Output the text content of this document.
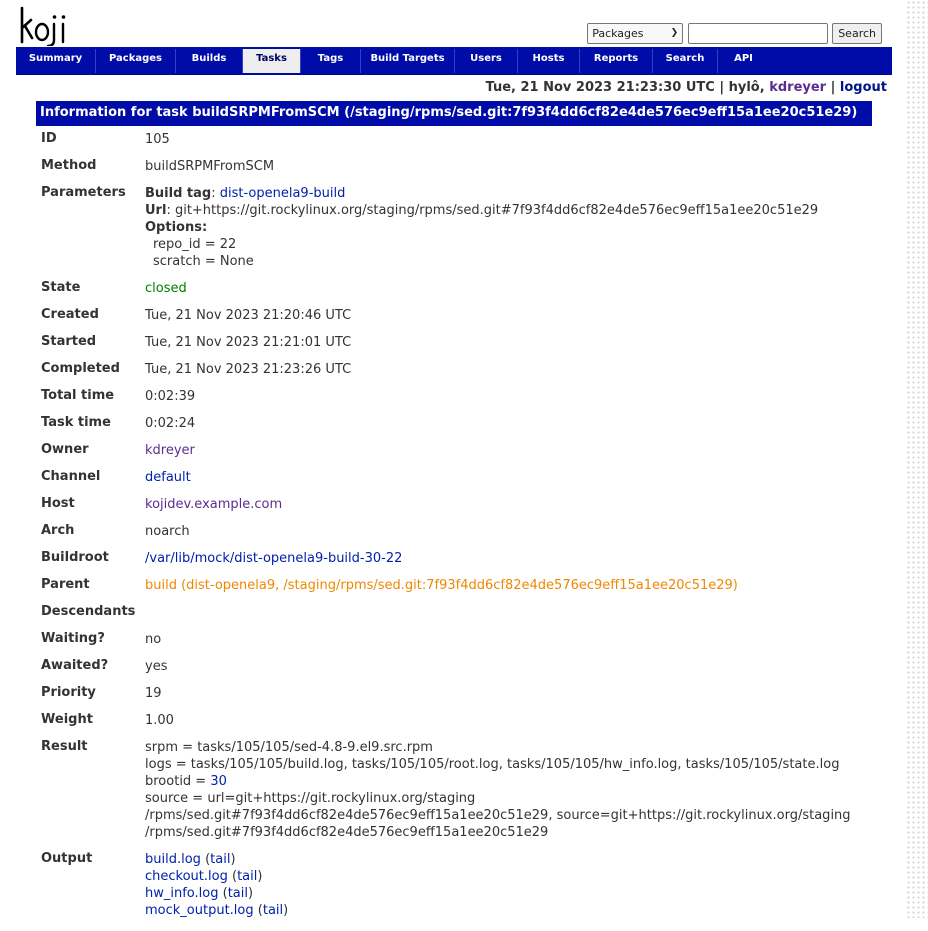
Packages	❯	Search
Summary	Packages	Builds	Tasks	Tags	Build Targets	Users	Hosts	Reports	Search	API
Tue, 21 Nov 2023 21:23:30 UTC | hylô, kdreyer | logout
Information for task buildSRPMFromSCM (/staging/rpms/sed.git:7f93f4dd6cf82e4de576ec9eff15a1ee20c51e29)
ID	105
Method	buildSRPMFromSCM
Parameters Build tag: dist-openela9-build
Url: git+https://git.rockylinux.org/staging/rpms/sed.git#7f93f4dd6cf82e4de576ec9eff15a1ee20c51e29
Options:
repo_id = 22
scratch = None
State	closed
Created	Tue, 21 Nov 2023 21:20:46 UTC
Started	Tue, 21 Nov 2023 21:21:01 UTC
Completed Tue, 21 Nov 2023 21:23:26 UTC
Total time 0:02:39
Task time	0:02:24
Owner	kdreyer
Channel	default
Host	kojidev.example.com
Arch	noarch
Buildroot	/var/lib/mock/dist-openela9-build-30-22
Parent	build (dist-openela9, /staging/rpms/sed.git:7f93f4dd6cf82e4de576ec9eff15a1ee20c51e29)
Descendants
Waiting?	no
Awaited?	yes
Priority	19
Weight	1.00
Result	srpm = tasks/105/105/sed-4.8-9.el9.src.rpm
logs = tasks/105/105/build.log, tasks/105/105/root.log, tasks/105/105/hw_info.log, tasks/105/105/state.log
brootid = 30
source = url=git+https://git.rockylinux.org/staging
/rpms/sed.git#7f93f4dd6cf82e4de576ec9eff15a1ee20c51e29, source=git+https://git.rockylinux.org/staging
/rpms/sed.git#7f93f4dd6cf82e4de576ec9eff15a1ee20c51e29
Output	build.log (tail)
checkout.log (tail)
hw_info.log (tail)
mock_output.log (tail)
